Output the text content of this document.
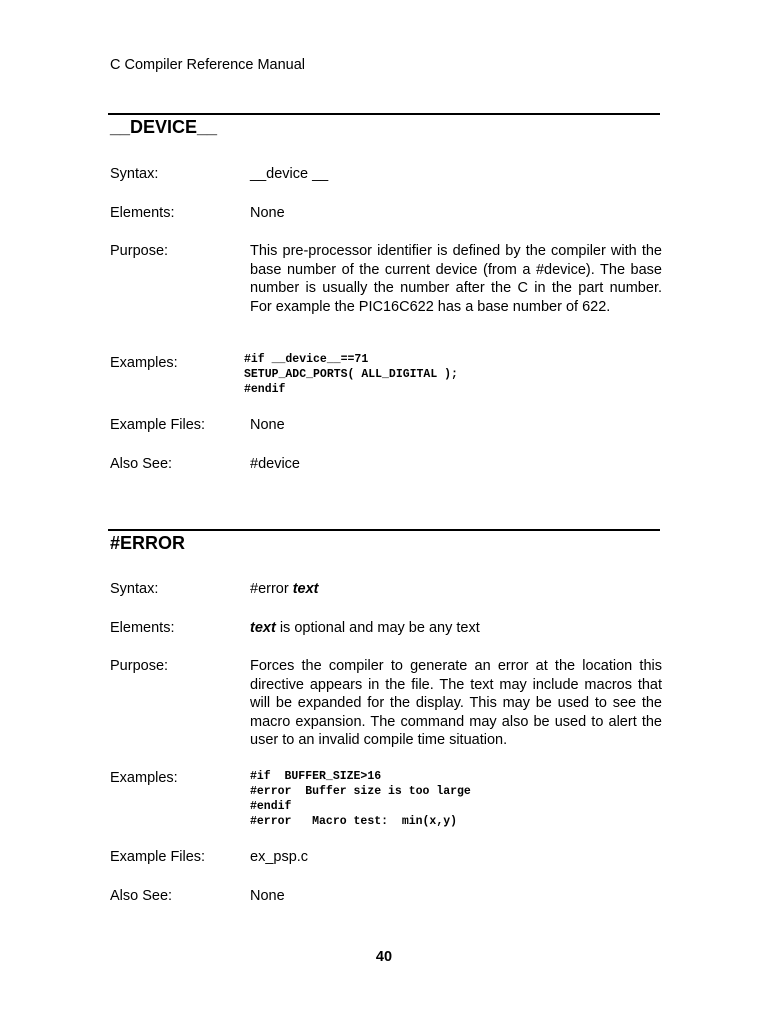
C Compiler Reference Manual
__DEVICE__
Syntax:	__device __
Elements:	None
Purpose:	This pre-processor identifier is defined by the compiler with the base number of the current device (from a #device). The base number is usually the number after the C in the part number. For example the PIC16C622 has a base number of 622.
Examples:	#if __device__==71
SETUP_ADC_PORTS( ALL_DIGITAL );
#endif
Example Files:	None
Also See:	#device
#ERROR
Syntax:	#error text
Elements:	text is optional and may be any text
Purpose:	Forces the compiler to generate an error at the location this directive appears in the file. The text may include macros that will be expanded for the display. This may be used to see the macro expansion. The command may also be used to alert the user to an invalid compile time situation.
Examples:	#if  BUFFER_SIZE>16
#error  Buffer size is too large
#endif
#error   Macro test:  min(x,y)
Example Files:	ex_psp.c
Also See:	None
40
